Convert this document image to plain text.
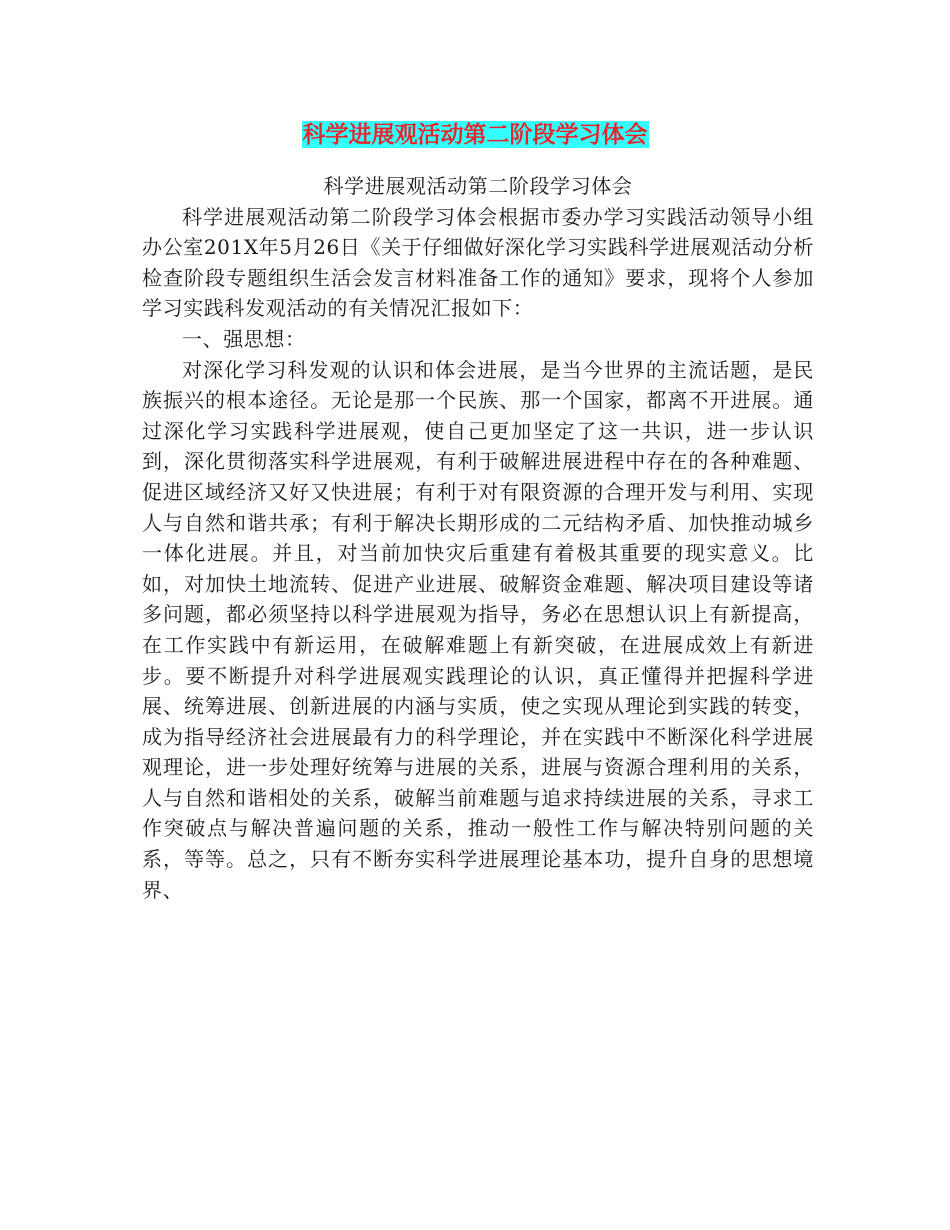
科学进展观活动第二阶段学习体会

科学进展观活动第二阶段学习体会

科学进展观活动第二阶段学习体会根据市委办学习实践活动领导小组办公室201X年5月26日《关于仔细做好深化学习实践科学进展观活动分析检查阶段专题组织生活会发言材料准备工作的通知》要求，现将个人参加学习实践科发观活动的有关情况汇报如下：

一、强思想：

对深化学习科发观的认识和体会进展，是当今世界的主流话题，是民族振兴的根本途径。无论是那一个民族、那一个国家，都离不开进展。通过深化学习实践科学进展观，使自己更加坚定了这一共识，进一步认识到，深化贯彻落实科学进展观，有利于破解进展进程中存在的各种难题、促进区域经济又好又快进展；有利于对有限资源的合理开发与利用、实现人与自然和谐共承；有利于解决长期形成的二元结构矛盾、加快推动城乡一体化进展。并且，对当前加快灾后重建有着极其重要的现实意义。比如，对加快土地流转、促进产业进展、破解资金难题、解决项目建设等诸多问题，都必须坚持以科学进展观为指导，务必在思想认识上有新提高，在工作实践中有新运用，在破解难题上有新突破，在进展成效上有新进步。要不断提升对科学进展观实践理论的认识，真正懂得并把握科学进展、统筹进展、创新进展的内涵与实质，使之实现从理论到实践的转变，成为指导经济社会进展最有力的科学理论，并在实践中不断深化科学进展观理论，进一步处理好统筹与进展的关系，进展与资源合理利用的关系，人与自然和谐相处的关系，破解当前难题与追求持续进展的关系，寻求工作突破点与解决普遍问题的关系，推动一般性工作与解决特别问题的关系，等等。总之，只有不断夯实科学进展理论基本功，提升自身的思想境界、
